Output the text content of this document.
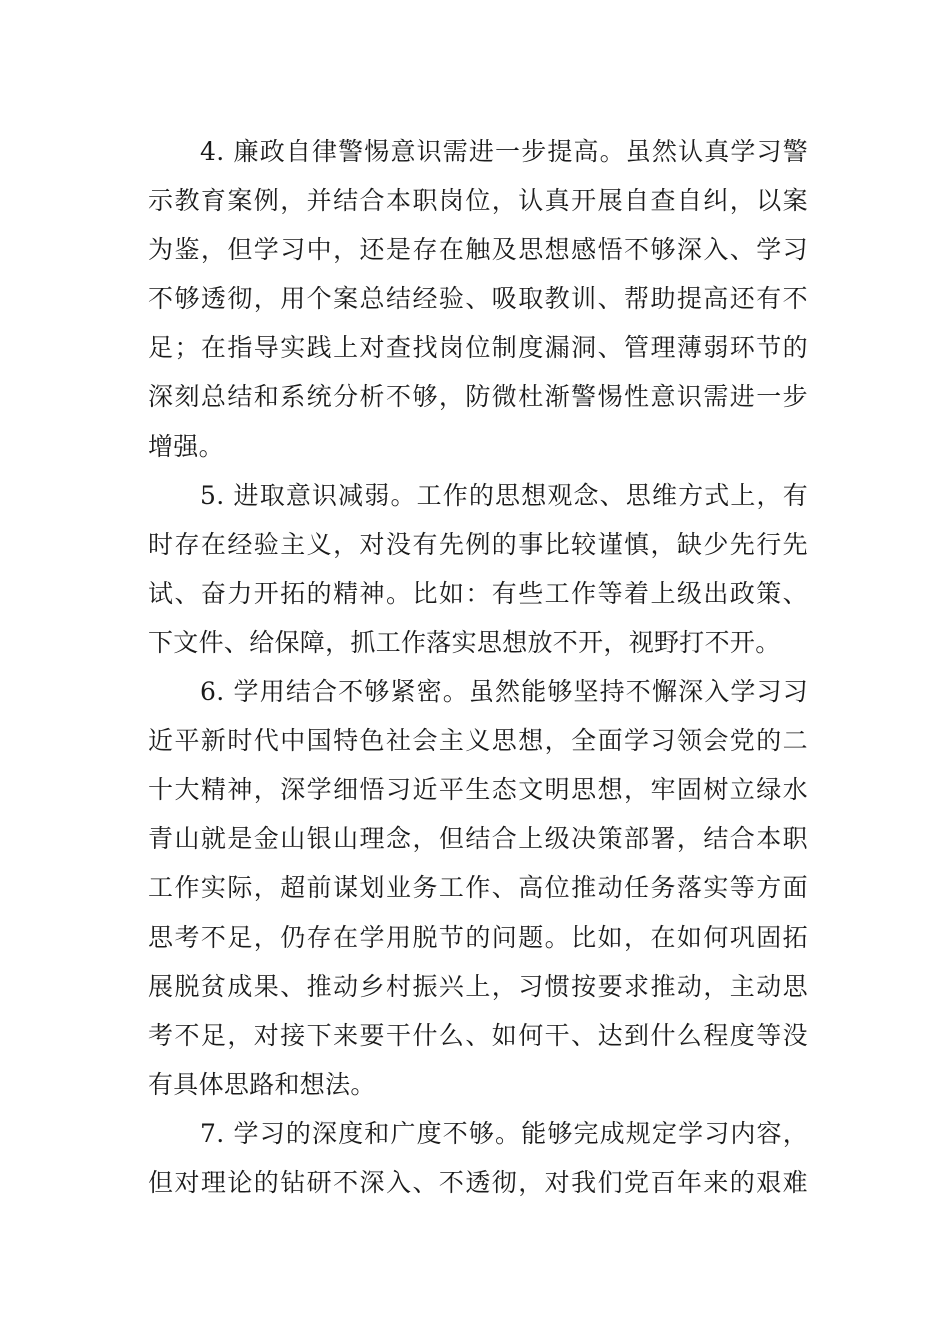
4. 廉政自律警惕意识需进一步提高。虽然认真学习警
示教育案例，并结合本职岗位，认真开展自查自纠，以案
为鉴，但学习中，还是存在触及思想感悟不够深入、学习
不够透彻，用个案总结经验、吸取教训、帮助提高还有不
足；在指导实践上对查找岗位制度漏洞、管理薄弱环节的
深刻总结和系统分析不够，防微杜渐警惕性意识需进一步
增强。
5. 进取意识减弱。工作的思想观念、思维方式上，有
时存在经验主义，对没有先例的事比较谨慎，缺少先行先
试、奋力开拓的精神。比如：有些工作等着上级出政策、
下文件、给保障，抓工作落实思想放不开，视野打不开。
6. 学用结合不够紧密。虽然能够坚持不懈深入学习习
近平新时代中国特色社会主义思想，全面学习领会党的二
十大精神，深学细悟习近平生态文明思想，牢固树立绿水
青山就是金山银山理念，但结合上级决策部署，结合本职
工作实际，超前谋划业务工作、高位推动任务落实等方面
思考不足，仍存在学用脱节的问题。比如，在如何巩固拓
展脱贫成果、推动乡村振兴上，习惯按要求推动，主动思
考不足，对接下来要干什么、如何干、达到什么程度等没
有具体思路和想法。
7. 学习的深度和广度不够。能够完成规定学习内容，
但对理论的钻研不深入、不透彻，对我们党百年来的艰难
